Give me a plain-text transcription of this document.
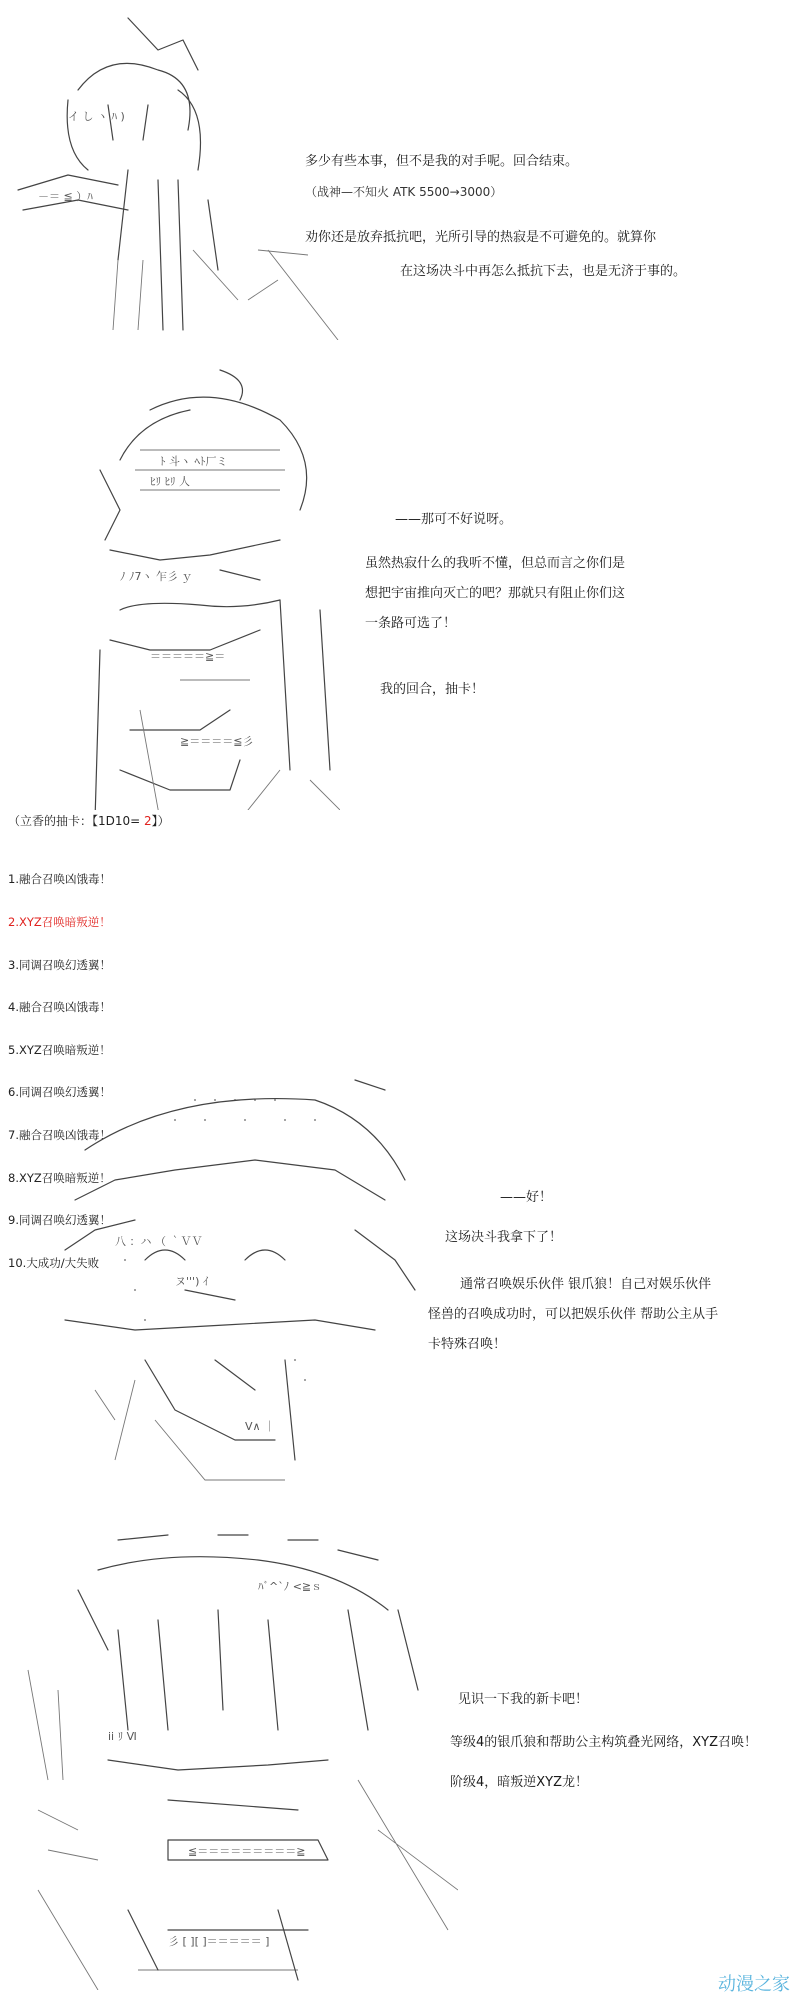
イ し ヽ ﾊ )
－＝ ≦ ）ﾊ
多少有些本事，但不是我的对手呢。回合结束。
（战神—不知火 ATK 5500→3000）
劝你还是放弃抵抗吧，光所引导的热寂是不可避免的。就算你
在这场决斗中再怎么抵抗下去，也是无济于事的。
ﾄ 斗ヽ ﾍﾄ厂ミ
ﾋﾘ ﾋﾘ 人
ﾉ ﾉ7ヽ 乍彡 ｙ
＝＝＝＝＝≧＝
≧＝＝＝＝≦彡
——那可不好说呀。
虽然热寂什么的我听不懂，但总而言之你们是
想把宇宙推向灭亡的吧？那就只有阻止你们这
一条路可选了！
我的回合，抽卡！
（立香的抽卡：【1D10= 2】）

1.融合召唤凶饿毒！

2.XYZ召唤暗叛逆！

3.同调召唤幻透翼！

4.融合召唤凶饿毒！

5.XYZ召唤暗叛逆！

6.同调召唤幻透翼！

7.融合召唤凶饿毒！

8.XYZ召唤暗叛逆！

9.同调召唤幻透翼！

10.大成功/大失败

八 ：ハ （ ｀ＶＶ
ヌ''') ｲ
V∧ ｜
——好！
这场决斗我拿下了！
通常召唤娱乐伙伴 银爪狼！自己对娱乐伙伴
怪兽的召唤成功时，可以把娱乐伙伴 帮助公主从手
卡特殊召唤！
≦＝＝＝＝＝＝＝＝＝≧
彡 [ ][ ]＝＝＝＝＝ ]
ﾊﾞ^`ﾉ <≧ｓ
ii ﾘ Ⅵ
见识一下我的新卡吧！
等级4的银爪狼和帮助公主构筑叠光网络，XYZ召唤！
阶级4，暗叛逆XYZ龙！
动漫之家
